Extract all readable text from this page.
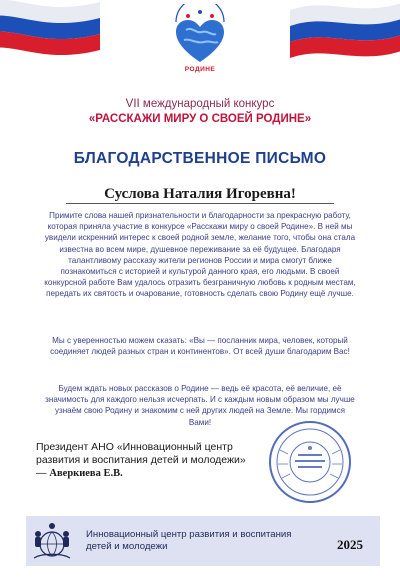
РОДИНЕ
VII международный конкурс
«РАССКАЖИ МИРУ О СВОЕЙ РОДИНЕ»
БЛАГОДАРСТВЕННОЕ ПИСЬМО
Суслова Наталия Игоревна!
Примите слова нашей признательности и благодарности за прекрасную работу, которая приняла участие в конкурсе «Расскажи миру о своей Родине». В ней мы увидели искренний интерес к своей родной земле, желание того, чтобы она стала известна во всем мире, душевное переживание за её будущее. Благодаря талантливому рассказу жители регионов России и мира смогут ближе познакомиться с историей и культурой данного края, его людьми. В своей конкурсной работе Вам удалось отразить безграничную любовь к родным местам, передать их святость и очарование, готовность сделать свою Родину ещё лучше.
Мы с уверенностью можем сказать: «Вы — посланник мира, человек, который соединяет людей разных стран и континентов». От всей души благодарим Вас!
Будем ждать новых рассказов о Родине — ведь её красота, её величие, её значимость для каждого нельзя исчерпать. И с каждым новым образом мы лучше узнаём свою Родину и знакомим с ней других людей на Земле. Мы гордимся Вами!
Президент АНО «Инновационный центр развития и воспитания детей и молодежи» — Аверкиева Е.В.
Инновационный центр развития и воспитания детей и молодежи	2025
